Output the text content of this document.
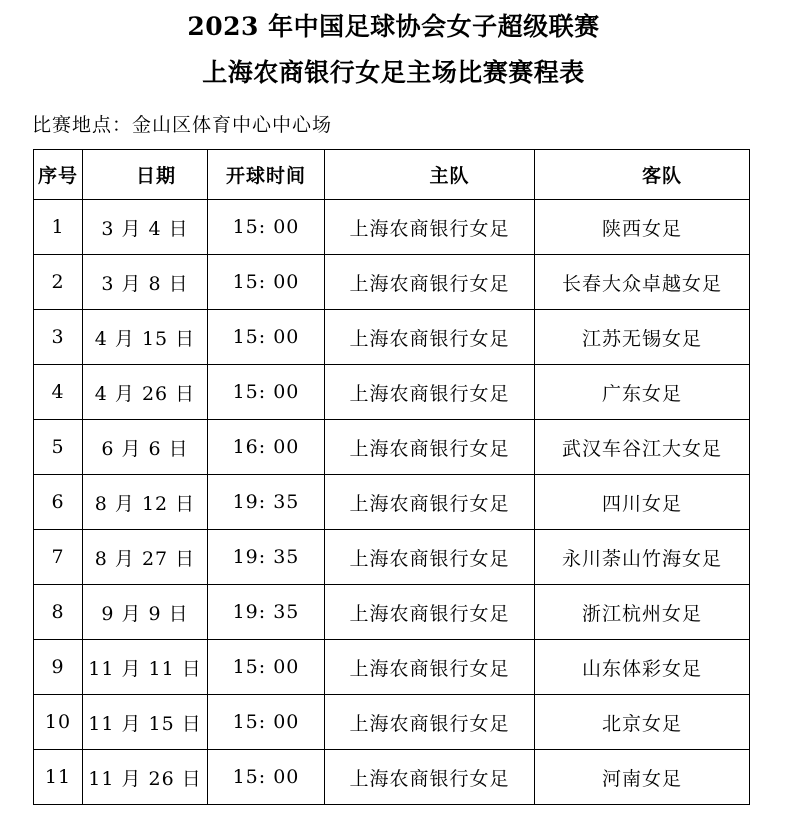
2023 年中国足球协会女子超级联赛
上海农商银行女足主场比赛赛程表
比赛地点：金山区体育中心中心场
序号	日期	开球时间	主队	客队
1	3 月 4 日	15: 00	上海农商银行女足	陕西女足
2	3 月 8 日	15: 00	上海农商银行女足	长春大众卓越女足
3	4 月 15 日	15: 00	上海农商银行女足	江苏无锡女足
4	4 月 26 日	15: 00	上海农商银行女足	广东女足
5	6 月 6 日	16: 00	上海农商银行女足	武汉车谷江大女足
6	8 月 12 日	19: 35	上海农商银行女足	四川女足
7	8 月 27 日	19: 35	上海农商银行女足	永川荼山竹海女足
8	9 月 9 日	19: 35	上海农商银行女足	浙江杭州女足
9	11 月 11 日	15: 00	上海农商银行女足	山东体彩女足
10	11 月 15 日	15: 00	上海农商银行女足	北京女足
11	11 月 26 日	15: 00	上海农商银行女足	河南女足
